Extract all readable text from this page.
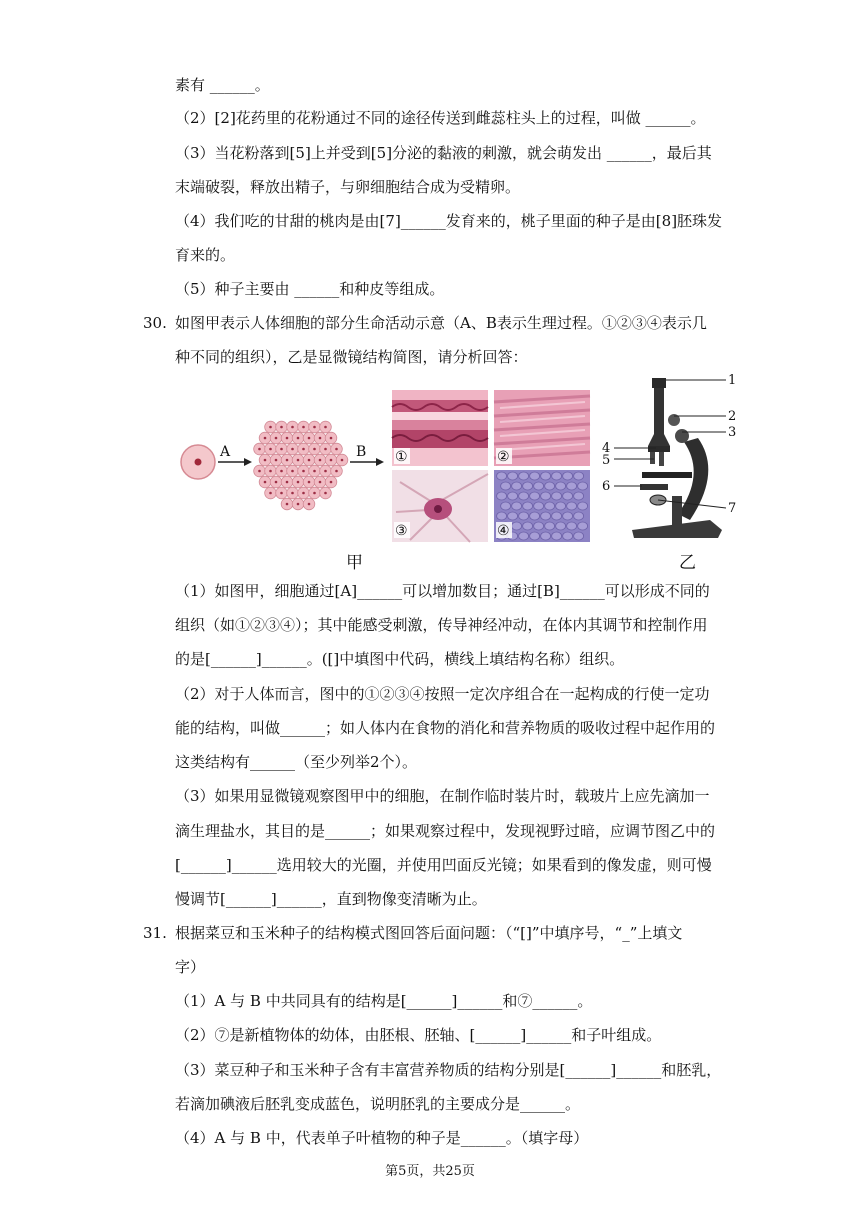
素有 ______。
（2）[2]花药里的花粉通过不同的途径传送到雌蕊柱头上的过程，叫做 ______。
（3）当花粉落到[5]上并受到[5]分泌的黏液的刺激，就会萌发出 ______，最后其
末端破裂，释放出精子，与卵细胞结合成为受精卵。
（4）我们吃的甘甜的桃肉是由[7]______发育来的，桃子里面的种子是由[8]胚珠发
育来的。
（5）种子主要由 ______和种皮等组成。
30. 如图甲表示人体细胞的部分生命活动示意（A、B表示生理过程。①②③④表示几
种不同的组织），乙是显微镜结构简图，请分析回答：
A	B ①	②
③	④
1
2
3
4
5
6
7
甲	乙
（1）如图甲，细胞通过[A]______可以增加数目；通过[B]______可以形成不同的
组织（如①②③④）；其中能感受刺激，传导神经冲动，在体内其调节和控制作用
的是[______]______。([]中填图中代码，横线上填结构名称）组织。
（2）对于人体而言，图中的①②③④按照一定次序组合在一起构成的行使一定功
能的结构，叫做______；如人体内在食物的消化和营养物质的吸收过程中起作用的
这类结构有______（至少列举2个）。
（3）如果用显微镜观察图甲中的细胞，在制作临时装片时，载玻片上应先滴加一
滴生理盐水，其目的是______；如果观察过程中，发现视野过暗，应调节图乙中的
[______]______选用较大的光圈，并使用凹面反光镜；如果看到的像发虚，则可慢
慢调节[______]______，直到物像变清晰为止。
31. 根据菜豆和玉米种子的结构模式图回答后面问题：（“[]”中填序号，“_”上填文
字）
（1）A 与 B 中共同具有的结构是[______]______和⑦______。
（2）⑦是新植物体的幼体，由胚根、胚轴、[______]______和子叶组成。
（3）菜豆种子和玉米种子含有丰富营养物质的结构分别是[______]______和胚乳，
若滴加碘液后胚乳变成蓝色，说明胚乳的主要成分是______。
（4）A 与 B 中，代表单子叶植物的种子是______。（填字母）
第5页，共25页
